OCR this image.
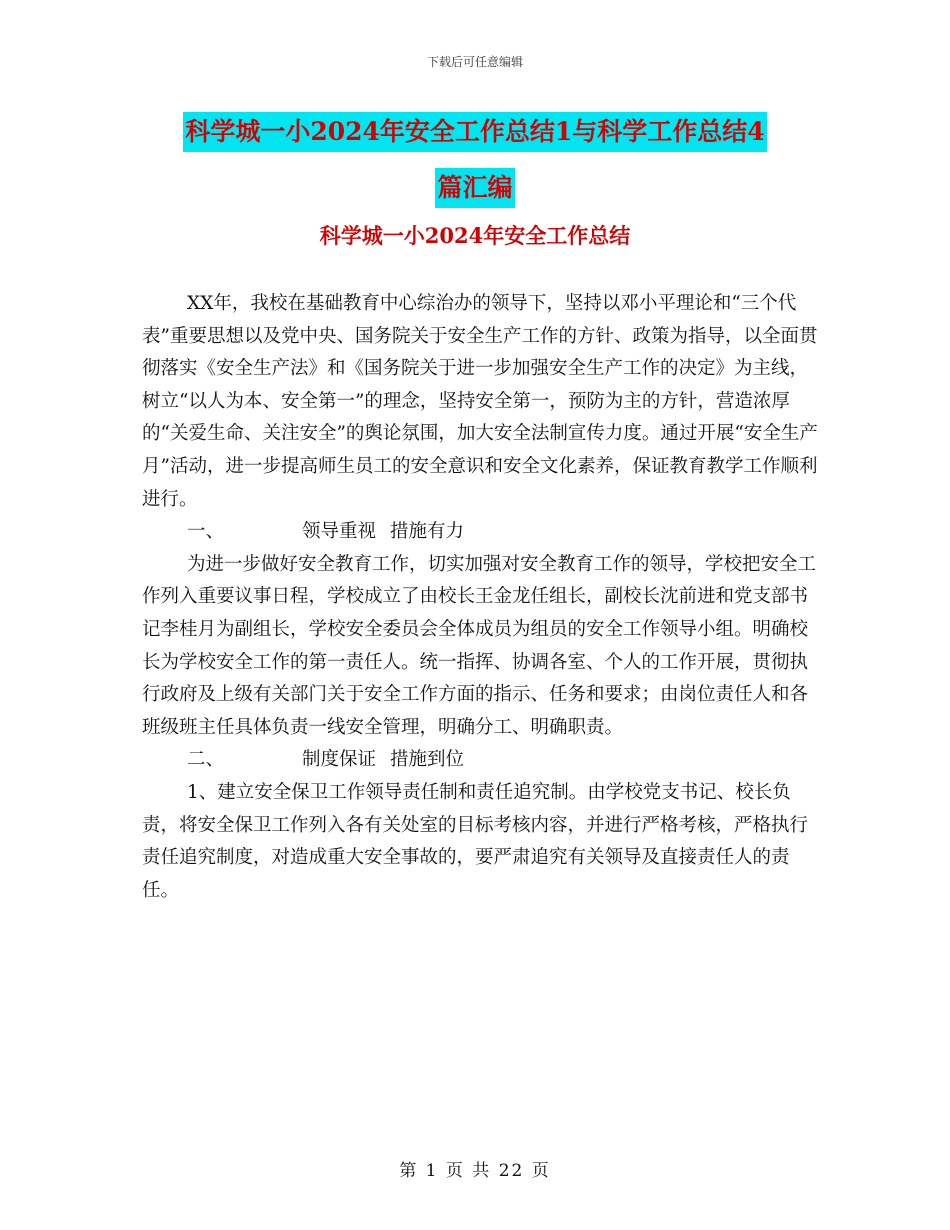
下载后可任意编辑
科学城一小2024年安全工作总结1与科学工作总结4
篇汇编
科学城一小2024年安全工作总结

XX年，我校在基础教育中心综治办的领导下，坚持以邓小平理论和“三个代表”重要思想以及党中央、国务院关于安全生产工作的方针、政策为指导，以全面贯彻落实《安全生产法》和《国务院关于进一步加强安全生产工作的决定》为主线，树立“以人为本、安全第一”的理念，坚持安全第一，预防为主的方针，营造浓厚的“关爱生命、关注安全”的舆论氛围，加大安全法制宣传力度。通过开展“安全生产月”活动，进一步提高师生员工的安全意识和安全文化素养，保证教育教学工作顺利进行。

一、	领导重视 措施有力

为进一步做好安全教育工作，切实加强对安全教育工作的领导，学校把安全工作列入重要议事日程，学校成立了由校长王金龙任组长，副校长沈前进和党支部书记李桂月为副组长，学校安全委员会全体成员为组员的安全工作领导小组。明确校长为学校安全工作的第一责任人。统一指挥、协调各室、个人的工作开展，贯彻执行政府及上级有关部门关于安全工作方面的指示、任务和要求；由岗位责任人和各班级班主任具体负责一线安全管理，明确分工、明确职责。

二、	制度保证 措施到位

1、建立安全保卫工作领导责任制和责任追究制。由学校党支书记、校长负责，将安全保卫工作列入各有关处室的目标考核内容，并进行严格考核，严格执行责任追究制度，对造成重大安全事故的，要严肃追究有关领导及直接责任人的责任。

第 1 页 共 22 页
